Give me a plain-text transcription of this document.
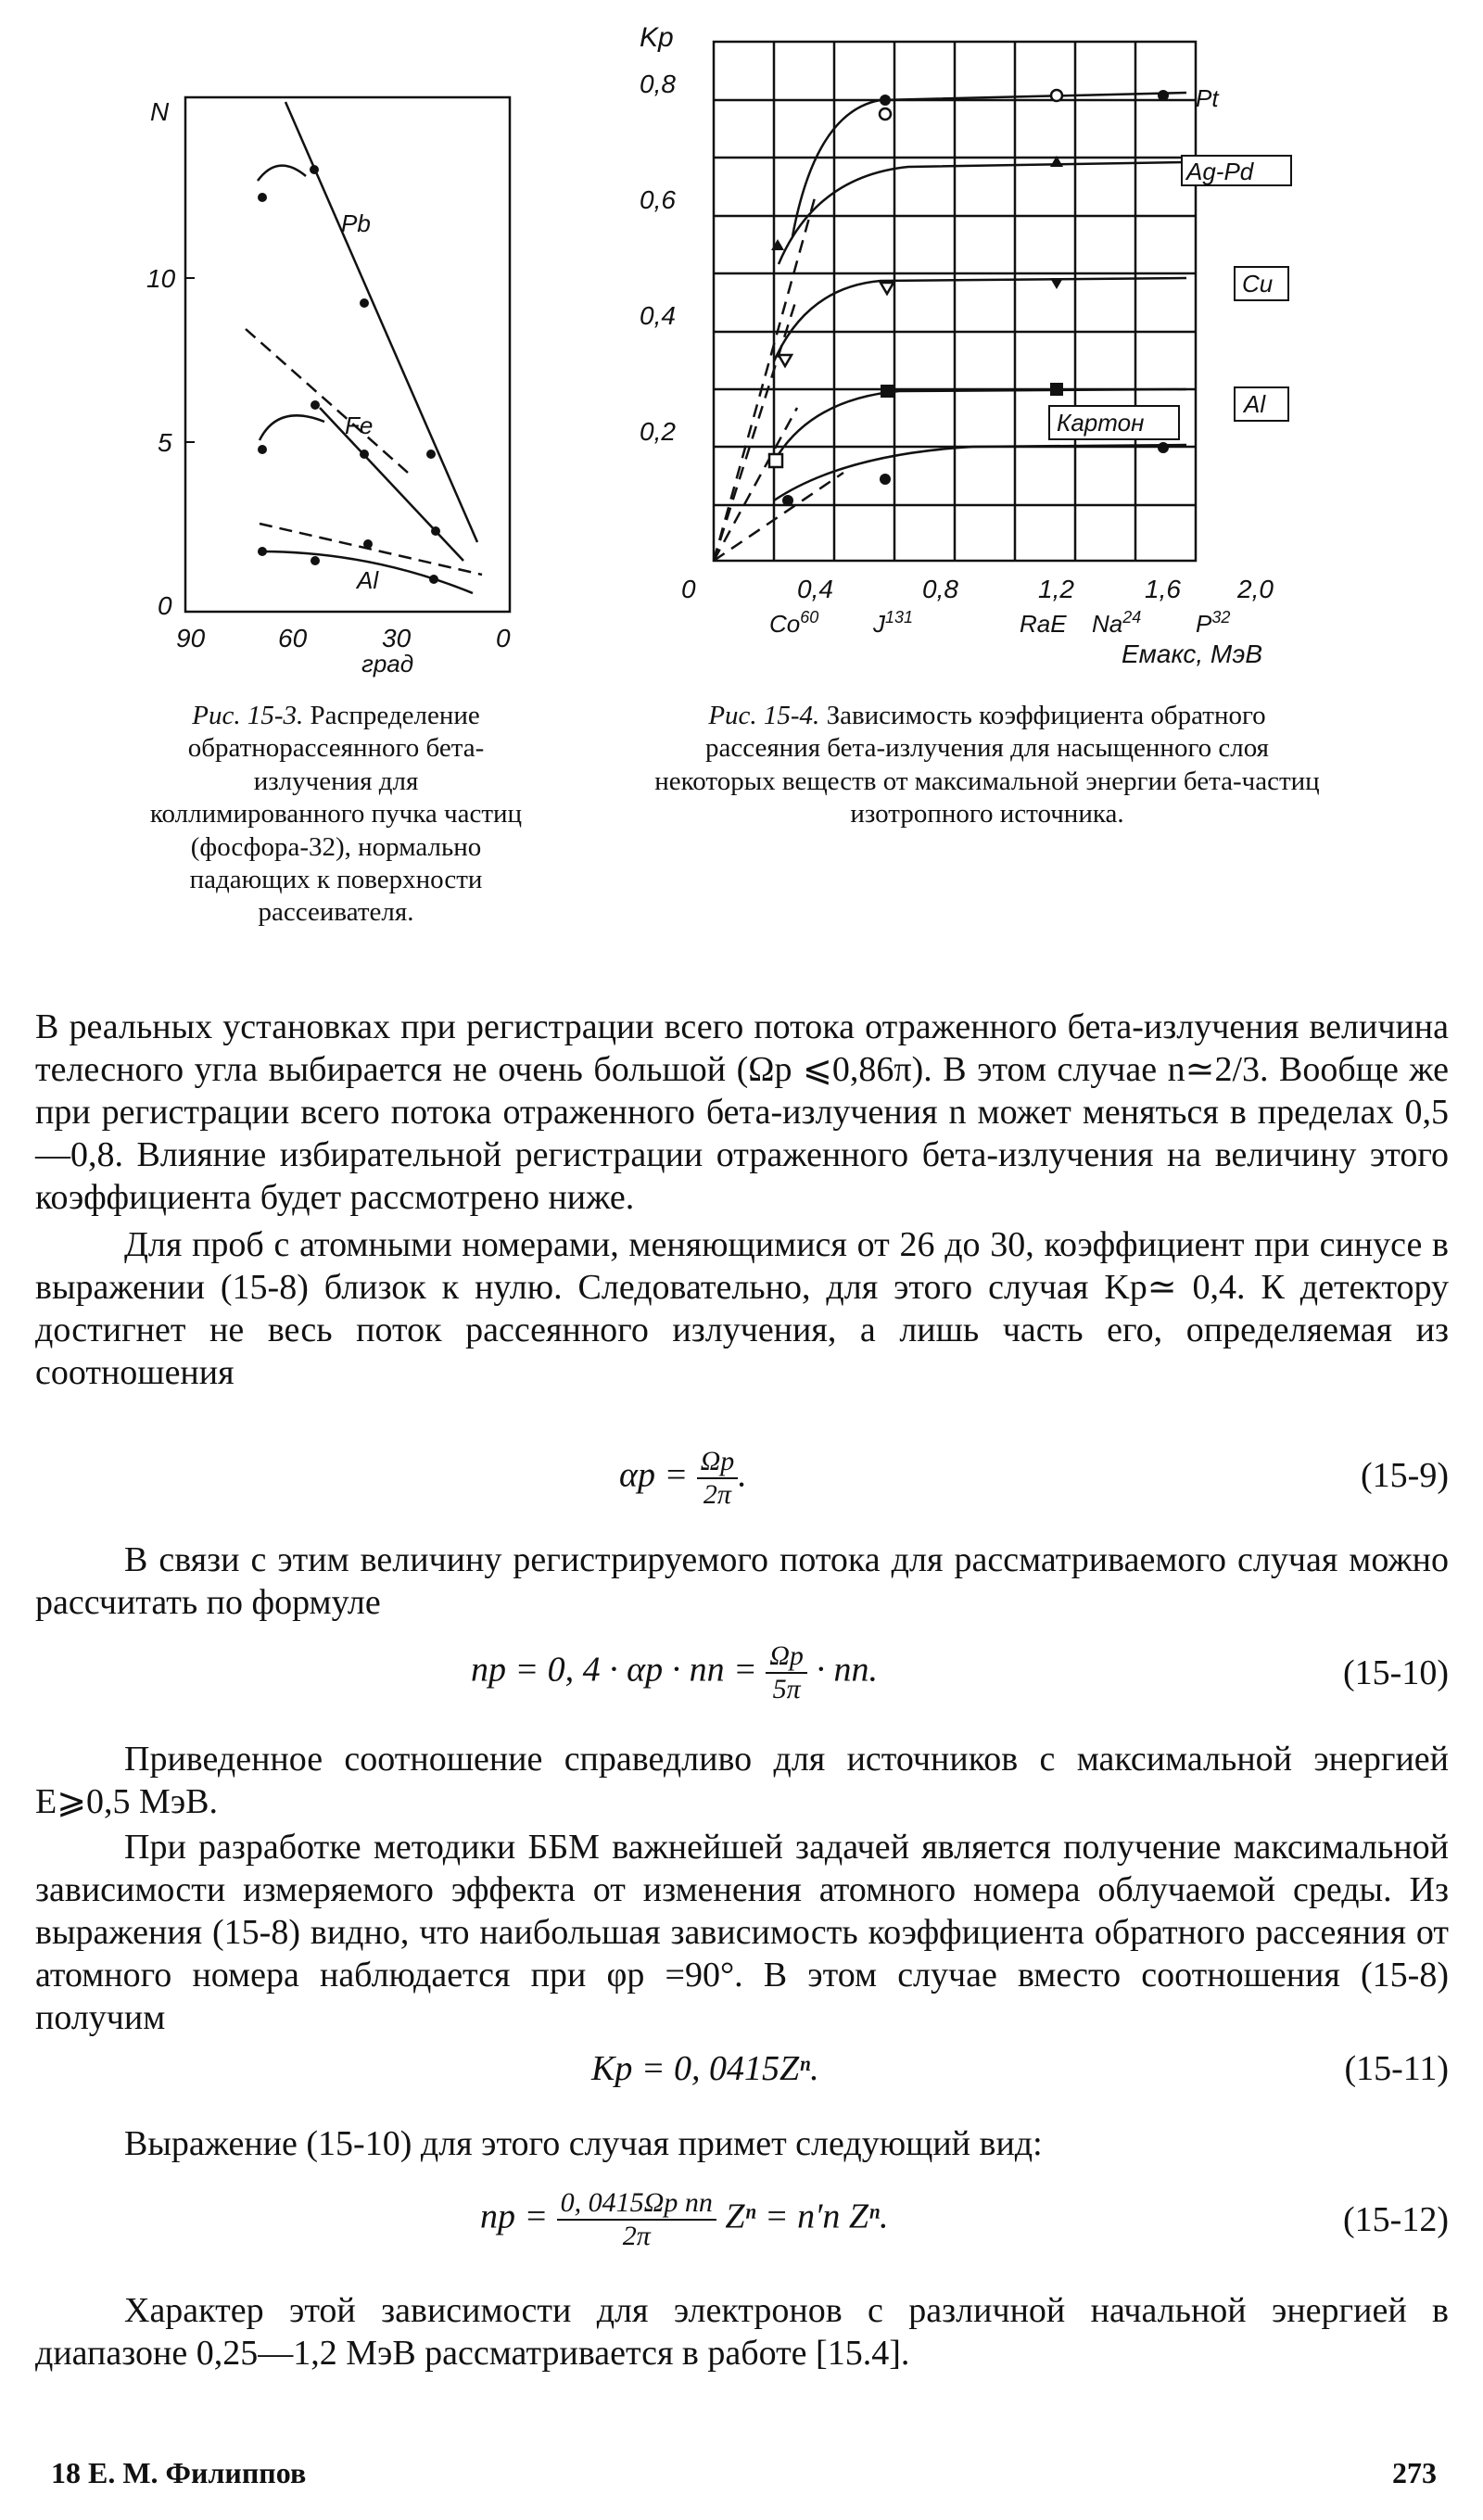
N
0
5
10
90	60	30	0
град
Pb
Fe
Al
Kр
0,8
0,6
0,4
0,2
0	0,4	0,8	1,2	1,6 2,0
Co$^{60}$ $J^{131}$	RaE Na$^{24}$ $P^{32}$
Eмакс, МэВ
Pt
Ag-Pd
Cu
Картон
Al
Рис. 15-3. Распределение обратнорассеянного бета-излучения для коллимированного пучка частиц (фосфора-32), нормально падающих к поверхности рассеивателя.
Рис. 15-4. Зависимость коэффициента обратного рассеяния бета-излучения для насыщенного слоя некоторых веществ от максимальной энергии бета-частиц изотропного источника.

В реальных установках при регистрации всего потока отраженного бета-излучения величина телесного угла выбирается не очень большой (Ωр ⩽0,86π). В этом случае n≃2/3. Вообще же при регистрации всего потока отраженного бета-излучения n может меняться в пределах 0,5—0,8. Влияние избирательной регистрации отраженного бета-излучения на величину этого коэффициента будет рассмотрено ниже.

Для проб с атомными номерами, меняющимися от 26 до 30, коэффициент при синусе в выражении (15-8) близок к нулю. Следовательно, для этого случая Kр≃ 0,4. К детектору достигнет не весь поток рассеянного излучения, а лишь часть его, определяемая из соотношения

$\alpha р = \frac{\Omega р}{2\pi}$ .	(15-9)

В связи с этим величину регистрируемого потока для рассматриваемого случая можно рассчитать по формуле

nр = 0, 4 · αр · nп = $\frac{\Omega р}{5\pi}$ · nп.	(15-10)

Приведенное соотношение справедливо для источников с максимальной энергией E⩾0,5 МэВ.

При разработке методики ББМ важнейшей задачей является получение максимальной зависимости измеряемого эффекта от изменения атомного номера облучаемой среды. Из выражения (15-8) видно, что наибольшая зависимость коэффициента обратного рассеяния от атомного номера наблюдается при φр =90°. В этом случае вместо соотношения (15-8) получим

Kр = 0, 0415Zⁿ.	(15-11)

Выражение (15-10) для этого случая примет следующий вид:

nр = $\frac{\text{0, 0415Ωр nп}}{2\pi}$ Zⁿ = n′п Zⁿ.	(15-12)

Характер этой зависимости для электронов с различной начальной энергией в диапазоне 0,25—1,2 МэВ рассматривается в работе [15.4].

18 Е. М. Филиппов	273
